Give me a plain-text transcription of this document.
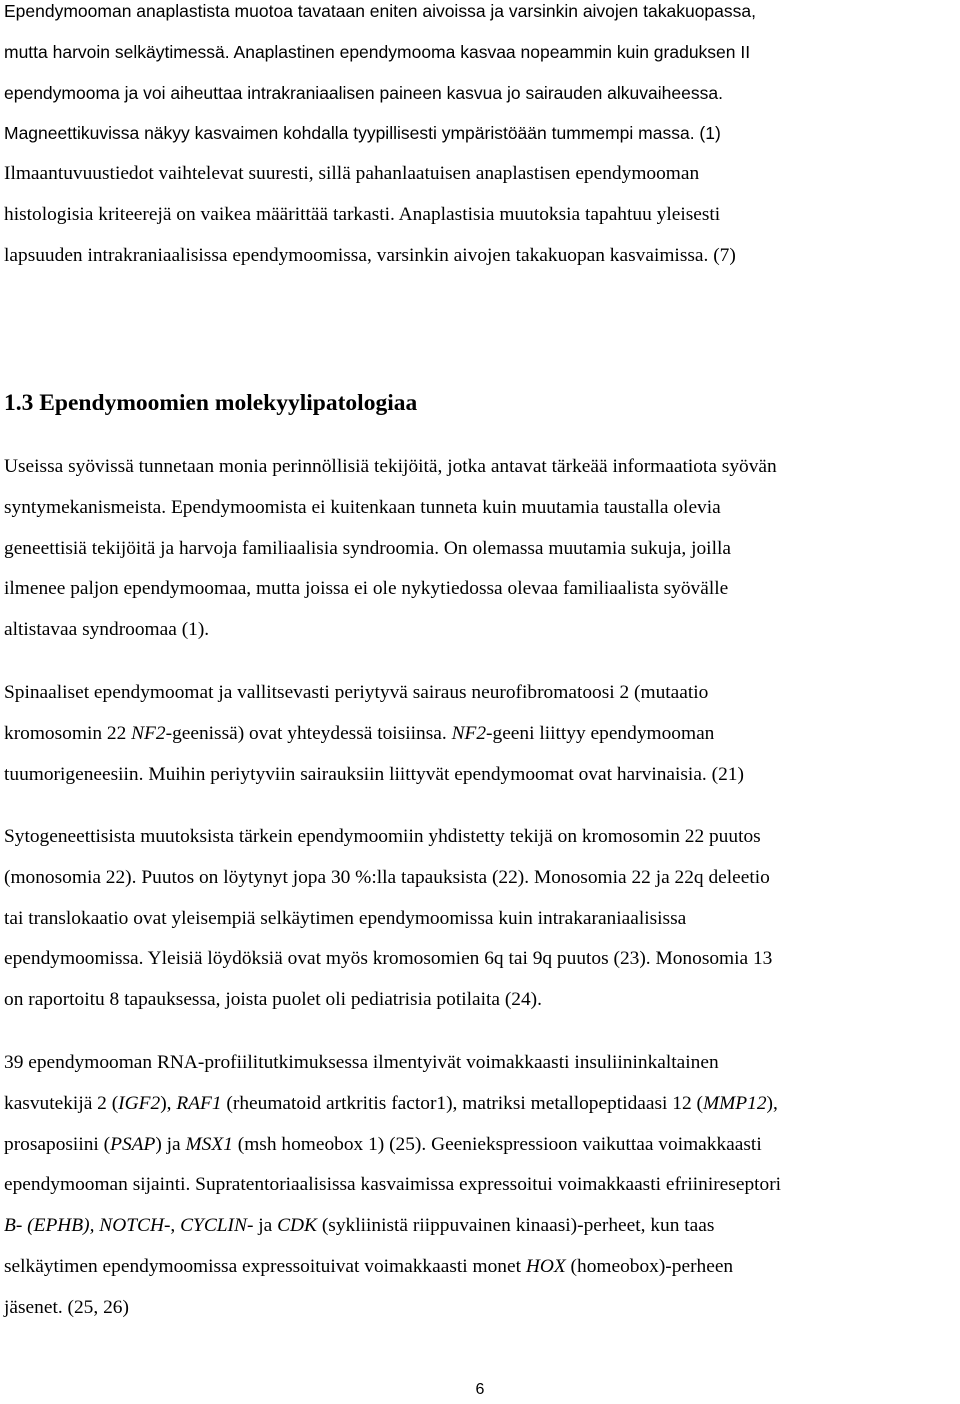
Ependymooman anaplastista muotoa tavataan eniten aivoissa ja varsinkin aivojen takakuopassa,
mutta harvoin selkäytimessä. Anaplastinen ependymooma kasvaa nopeammin kuin graduksen II
ependymooma ja voi aiheuttaa intrakraniaalisen paineen kasvua jo sairauden alkuvaiheessa.
Magneettikuvissa näkyy kasvaimen kohdalla tyypillisesti ympäristöään tummempi massa. (1)
Ilmaantuvuustiedot vaihtelevat suuresti, sillä pahanlaatuisen anaplastisen ependymooman
histologisia kriteerejä on vaikea määrittää tarkasti. Anaplastisia muutoksia tapahtuu yleisesti
lapsuuden intrakraniaalisissa ependymoomissa, varsinkin aivojen takakuopan kasvaimissa. (7)
1.3 Ependymoomien molekyylipatologiaa
Useissa syövissä tunnetaan monia perinnöllisiä tekijöitä, jotka antavat tärkeää informaatiota syövän
syntymekanismeista. Ependymoomista ei kuitenkaan tunneta kuin muutamia taustalla olevia
geneettisiä tekijöitä ja harvoja familiaalisia syndroomia. On olemassa muutamia sukuja, joilla
ilmenee paljon ependymoomaa, mutta joissa ei ole nykytiedossa olevaa familiaalista syövälle
altistavaa syndroomaa (1).
Spinaaliset ependymoomat ja vallitsevasti periytyvä sairaus neurofibromatoosi 2 (mutaatio
kromosomin 22 NF2-geenissä) ovat yhteydessä toisiinsa. NF2-geeni liittyy ependymooman
tuumorigeneesiin. Muihin periytyviin sairauksiin liittyvät ependymoomat ovat harvinaisia. (21)
Sytogeneettisista muutoksista tärkein ependymoomiin yhdistetty tekijä on kromosomin 22 puutos
(monosomia 22). Puutos on löytynyt jopa 30 %:lla tapauksista (22). Monosomia 22 ja 22q deleetio
tai translokaatio ovat yleisempiä selkäytimen ependymoomissa kuin intrakaraniaalisissa
ependymoomissa. Yleisiä löydöksiä ovat myös kromosomien 6q tai 9q puutos (23). Monosomia 13
on raportoitu 8 tapauksessa, joista puolet oli pediatrisia potilaita (24).
39 ependymooman RNA-profiilitutkimuksessa ilmentyivät voimakkaasti insuliininkaltainen
kasvutekijä 2 (IGF2), RAF1 (rheumatoid artkritis factor1), matriksi metallopeptidaasi 12 (MMP12),
prosaposiini (PSAP) ja MSX1 (msh homeobox 1) (25). Geeniekspressioon vaikuttaa voimakkaasti
ependymooman sijainti. Supratentoriaalisissa kasvaimissa expressoitui voimakkaasti efriinireseptori
B- (EPHB), NOTCH-, CYCLIN- ja CDK (sykliinistä riippuvainen kinaasi)-perheet, kun taas
selkäytimen ependymoomissa expressoituivat voimakkaasti monet HOX (homeobox)-perheen
jäsenet. (25, 26)
6
